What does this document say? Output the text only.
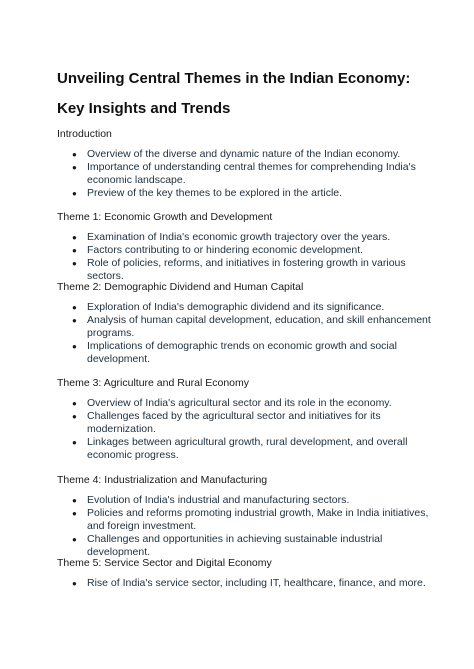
Unveiling Central Themes in the Indian Economy: Key Insights and Trends

Introduction

● Overview of the diverse and dynamic nature of the Indian economy.
● Importance of understanding central themes for comprehending India's economic landscape.
● Preview of the key themes to be explored in the article.

Theme 1: Economic Growth and Development

● Examination of India's economic growth trajectory over the years.
● Factors contributing to or hindering economic development.
● Role of policies, reforms, and initiatives in fostering growth in various sectors.

Theme 2: Demographic Dividend and Human Capital

● Exploration of India's demographic dividend and its significance.
● Analysis of human capital development, education, and skill enhancement programs.
● Implications of demographic trends on economic growth and social development.

Theme 3: Agriculture and Rural Economy

● Overview of India's agricultural sector and its role in the economy.
● Challenges faced by the agricultural sector and initiatives for its modernization.
● Linkages between agricultural growth, rural development, and overall economic progress.

Theme 4: Industrialization and Manufacturing

● Evolution of India's industrial and manufacturing sectors.
● Policies and reforms promoting industrial growth, Make in India initiatives, and foreign investment.
● Challenges and opportunities in achieving sustainable industrial development.

Theme 5: Service Sector and Digital Economy

● Rise of India's service sector, including IT, healthcare, finance, and more.
